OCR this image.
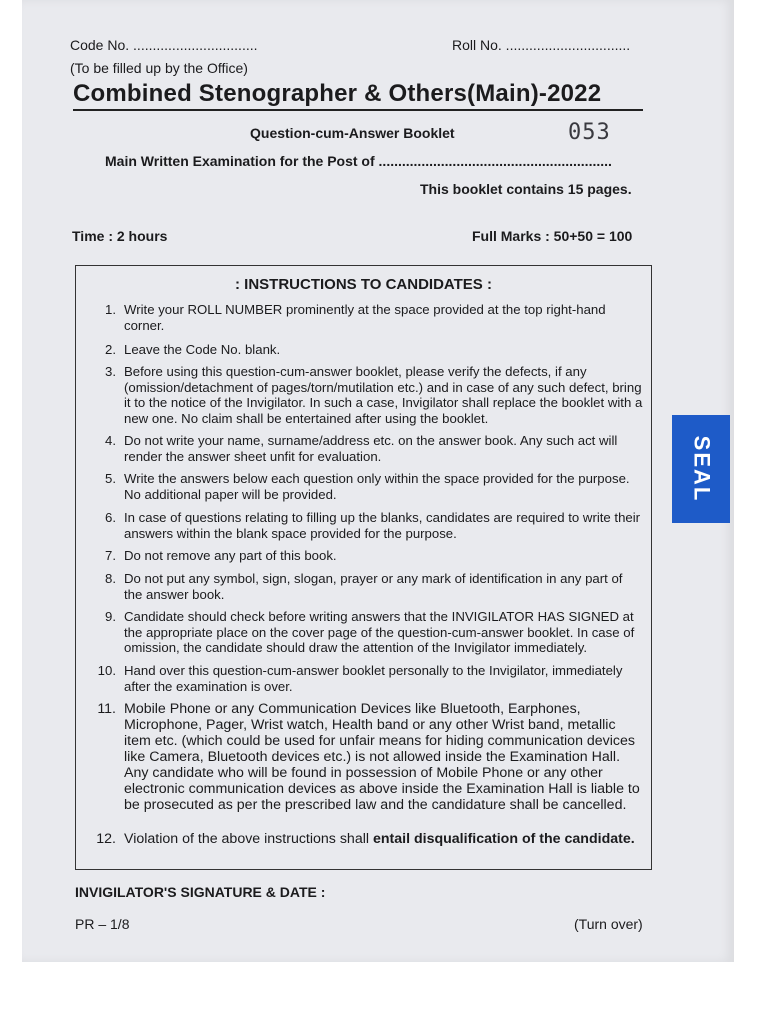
Code No. ................................	Roll No. ................................
(To be filled up by the Office)
Combined Stenographer & Others(Main)-2022
Question-cum-Answer Booklet	053
Main Written Examination for the Post of ............................................................
This booklet contains 15 pages.
Time : 2 hours	Full Marks : 50+50 = 100
: INSTRUCTIONS TO CANDIDATES :
1. Write your ROLL NUMBER prominently at the space provided at the top right-hand corner.
2. Leave the Code No. blank.
3. Before using this question-cum-answer booklet, please verify the defects, if any (omission/detachment of pages/torn/mutilation etc.) and in case of any such defect, bring it to the notice of the Invigilator. In such a case, Invigilator shall replace the booklet with a new one. No claim shall be entertained after using the booklet.
4. Do not write your name, surname/address etc. on the answer book. Any such act will render the answer sheet unfit for evaluation.
5. Write the answers below each question only within the space provided for the purpose. No additional paper will be provided.
6. In case of questions relating to filling up the blanks, candidates are required to write their answers within the blank space provided for the purpose.
7. Do not remove any part of this book.
8. Do not put any symbol, sign, slogan, prayer or any mark of identification in any part of the answer book.
9. Candidate should check before writing answers that the INVIGILATOR HAS SIGNED at the appropriate place on the cover page of the question-cum-answer booklet. In case of omission, the candidate should draw the attention of the Invigilator immediately.
10. Hand over this question-cum-answer booklet personally to the Invigilator, immediately after the examination is over.
11. Mobile Phone or any Communication Devices like Bluetooth, Earphones, Microphone, Pager, Wrist watch, Health band or any other Wrist band, metallic item etc. (which could be used for unfair means for hiding communication devices like Camera, Bluetooth devices etc.) is not allowed inside the Examination Hall. Any candidate who will be found in possession of Mobile Phone or any other electronic communication devices as above inside the Examination Hall is liable to be prosecuted as per the prescribed law and the candidature shall be cancelled.
12. Violation of the above instructions shall entail disqualification of the candidate.
INVIGILATOR'S SIGNATURE & DATE :
PR – 1/8	(Turn over)
SEAL
